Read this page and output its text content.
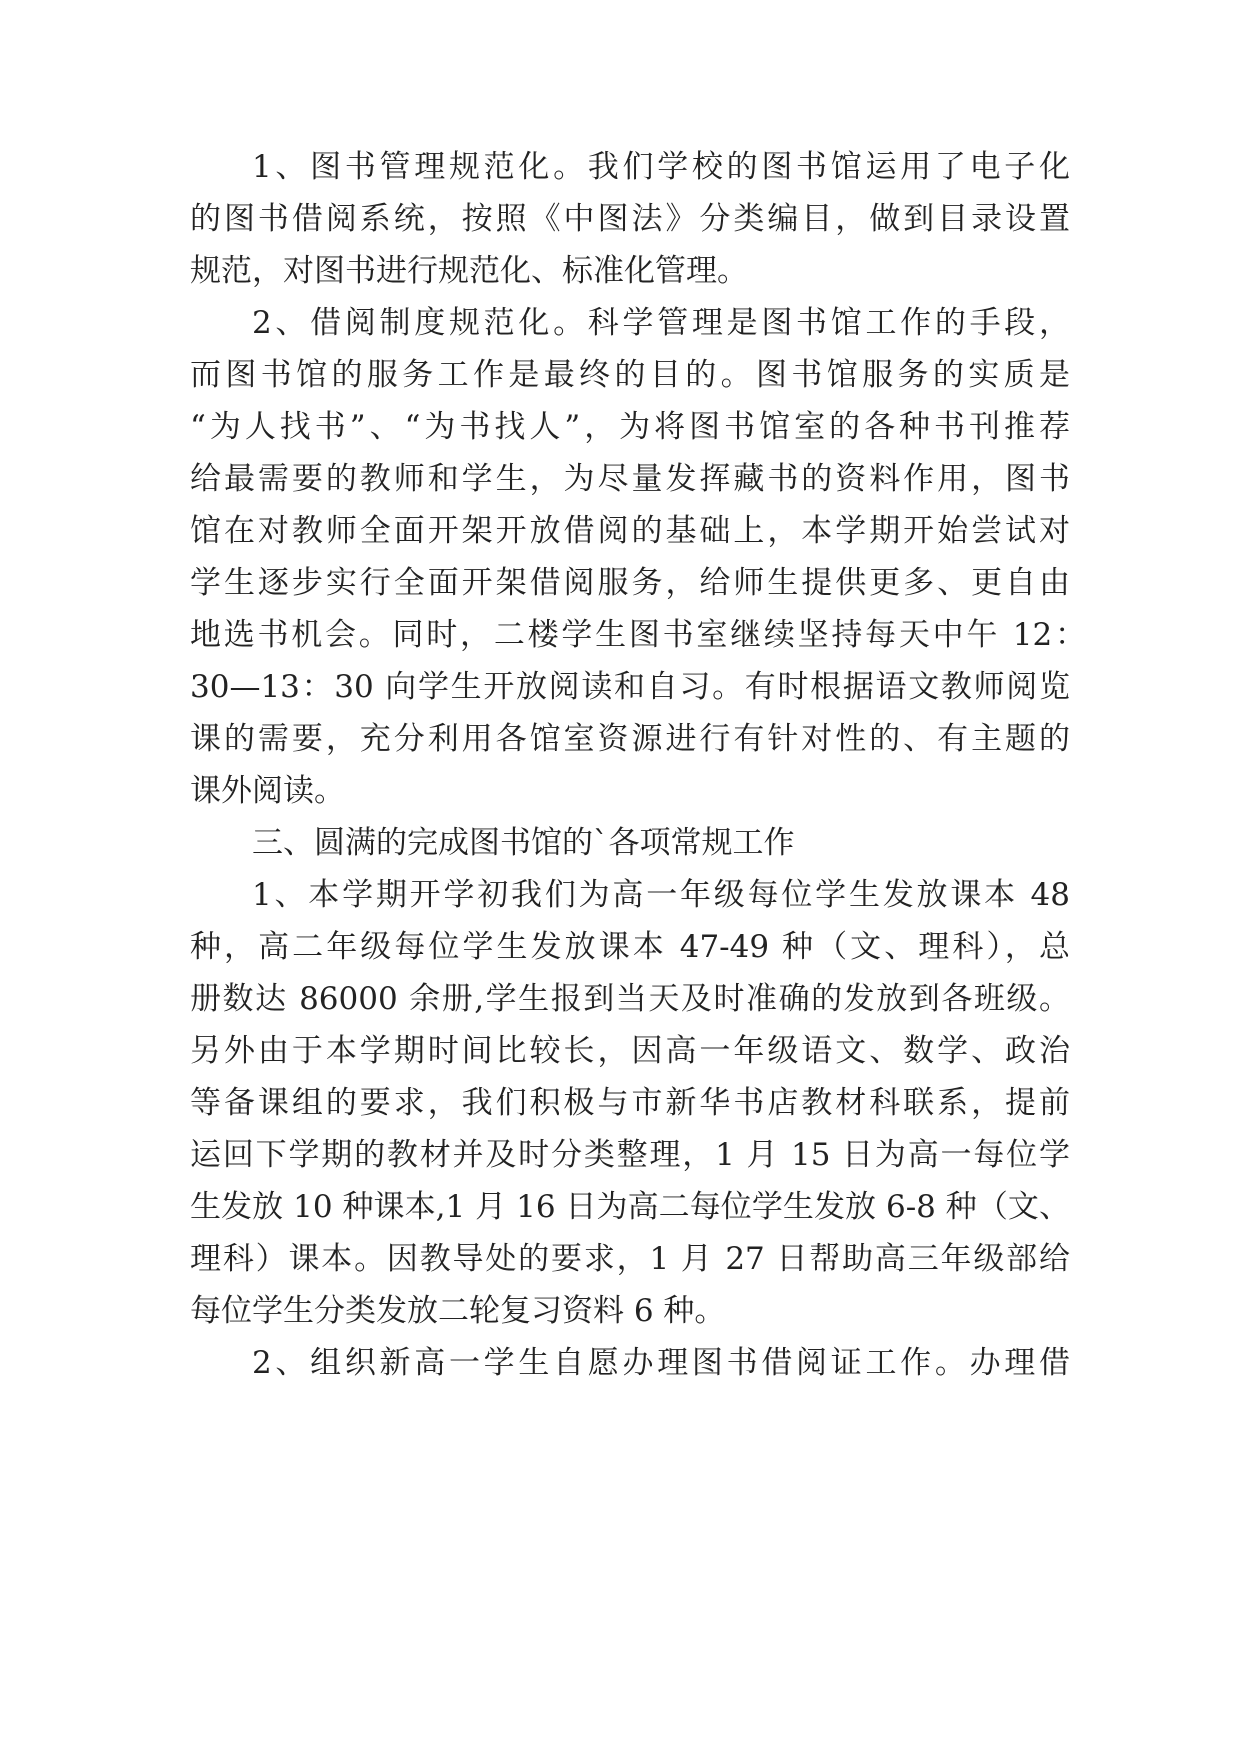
1、图书管理规范化。我们学校的图书馆运用了电子化

的图书借阅系统，按照《中图法》分类编目，做到目录设置

规范，对图书进行规范化、标准化管理。

2、借阅制度规范化。科学管理是图书馆工作的手段，

而图书馆的服务工作是最终的目的。图书馆服务的实质是

“为人找书”、“为书找人”，为将图书馆室的各种书刊推荐

给最需要的教师和学生，为尽量发挥藏书的资料作用，图书

馆在对教师全面开架开放借阅的基础上，本学期开始尝试对

学生逐步实行全面开架借阅服务，给师生提供更多、更自由

地选书机会。同时，二楼学生图书室继续坚持每天中午 12：

30—13：30 向学生开放阅读和自习。有时根据语文教师阅览

课的需要，充分利用各馆室资源进行有针对性的、有主题的

课外阅读。

三、圆满的完成图书馆的`各项常规工作

1、本学期开学初我们为高一年级每位学生发放课本 48

种，高二年级每位学生发放课本 47-49 种（文、理科），总

册数达 86000 余册,学生报到当天及时准确的发放到各班级。

另外由于本学期时间比较长，因高一年级语文、数学、政治

等备课组的要求，我们积极与市新华书店教材科联系，提前

运回下学期的教材并及时分类整理，1 月 15 日为高一每位学

生发放 10 种课本,1 月 16 日为高二每位学生发放 6-8 种（文、

理科）课本。因教导处的要求，1 月 27 日帮助高三年级部给

每位学生分类发放二轮复习资料 6 种。

2、组织新高一学生自愿办理图书借阅证工作。办理借
